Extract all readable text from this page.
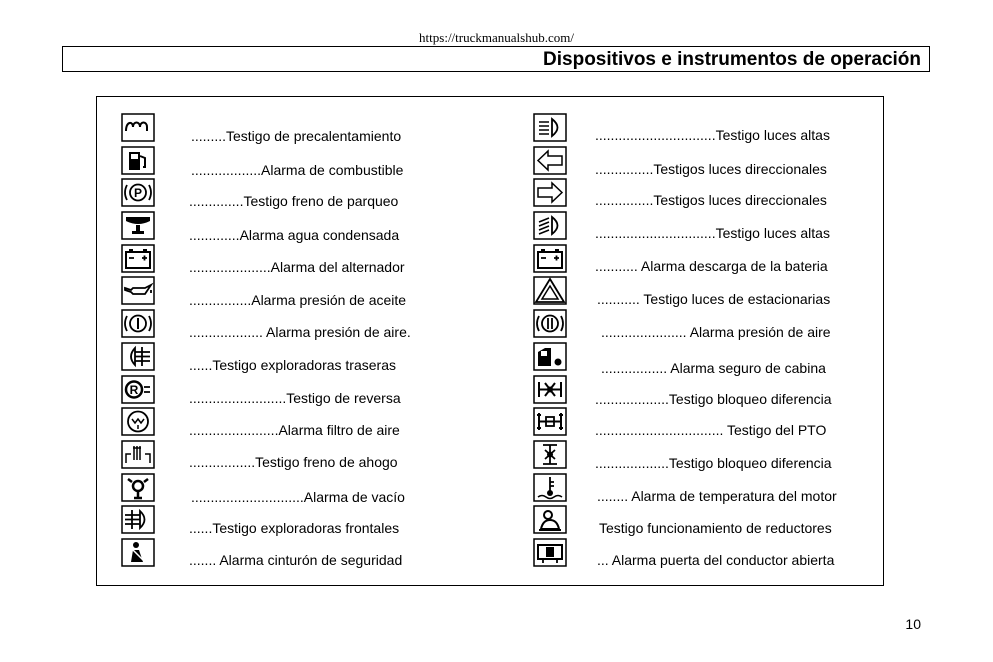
https://truckmanualshub.com/
Dispositivos e instrumentos de operación
.........Testigo de precalentamiento
..................Alarma de combustible
P	..............Testigo freno de parqueo
.............Alarma agua condensada
.....................Alarma del alternador
................Alarma presión de aceite
................... Alarma presión de aire.
......Testigo exploradoras traseras
R	.........................Testigo de reversa
.......................Alarma filtro de aire
.................Testigo freno de ahogo
.............................Alarma de vacío
......Testigo exploradoras frontales
....... Alarma cinturón de seguridad
...............................Testigo luces altas
...............Testigos luces direccionales
...............Testigos luces direccionales
...............................Testigo luces altas
........... Alarma descarga de la bateria
........... Testigo luces de estacionarias
...................... Alarma presión de aire
................. Alarma seguro de cabina
...................Testigo bloqueo diferencia
................................. Testigo del PTO
...................Testigo bloqueo diferencia
........ Alarma de temperatura del motor
Testigo funcionamiento de reductores
... Alarma puerta del conductor abierta
10
